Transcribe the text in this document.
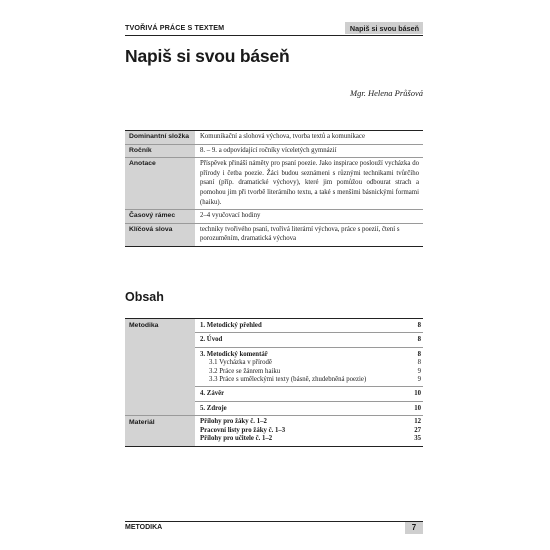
TVOŘIVÁ PRÁCE S TEXTEM	Napiš si svou báseň
Napiš si svou báseň
Mgr. Helena Průšová
Dominantní složka	Komunikační a slohová výchova, tvorba textů a komunikace
Ročník	8. – 9. a odpovídající ročníky víceletých gymnázií
Anotace	Příspěvek přináší náměty pro psaní poezie. Jako inspirace poslouží vycházka do přírody i četba poezie. Žáci budou seznámeni s různými technikami tvůrčího psaní (příp. dramatické výchovy), které jim pomůžou odbourat strach a pomohou jim při tvorbě literárního textu, a také s menšími básnickými formami (haiku).
Časový rámec	2–4 vyučovací hodiny
Klíčová slova	techniky tvořivého psaní, tvořivá literární výchova, práce s poezií, čtení s porozuměním, dramatická výchova
Obsah
Metodika	1. Metodický přehled	8
2. Úvod	8
3. Metodický komentář	8
3.1 Vycházka v přírodě	8
3.2 Práce se žánrem haiku	9
3.3 Práce s uměleckými texty (básně, zhudebněná poezie)	9
4. Závěr	10
5. Zdroje	10
Materiál	Přílohy pro žáky č. 1–2	12
Pracovní listy pro žáky č. 1–3	27
Přílohy pro učitele č. 1–2	35
METODIKA	7
